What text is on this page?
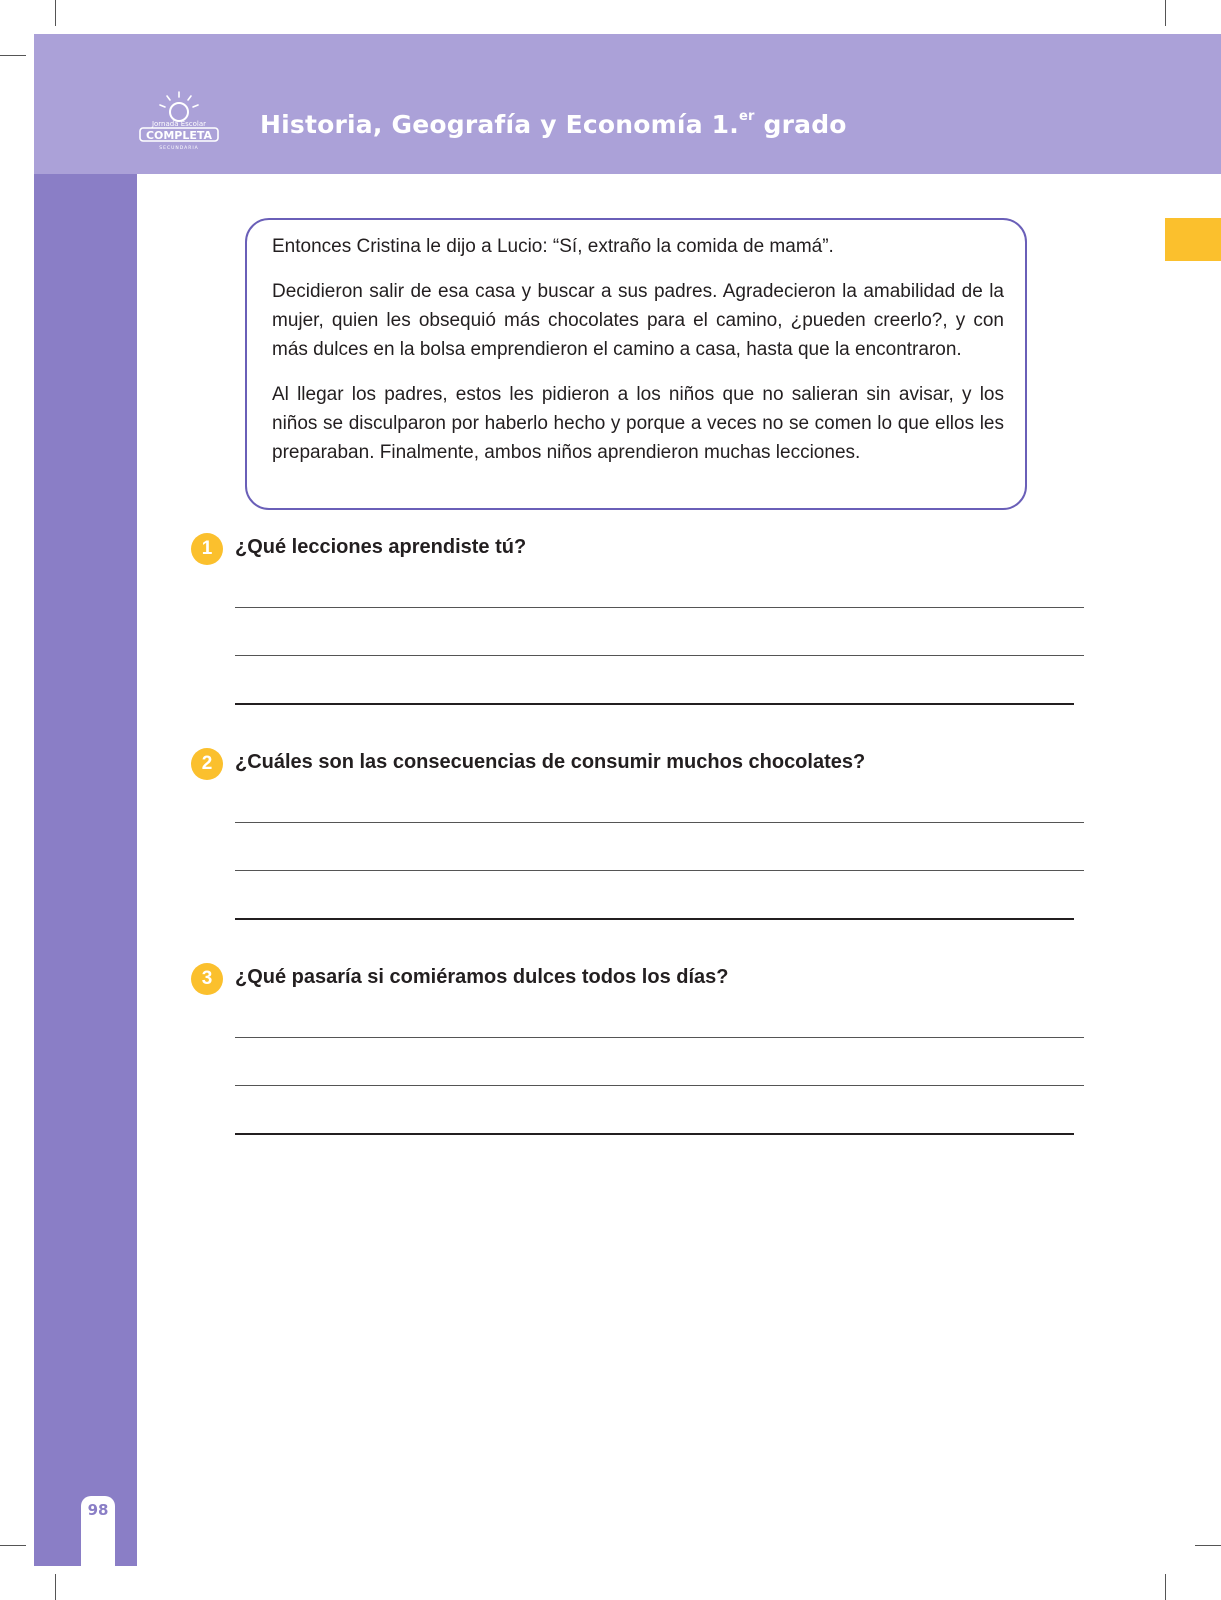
Jornada Escolar
COMPLETA
SECUNDARIA
Historia, Geografía y Economía 1.$^{er}$ grado
98

Entonces Cristina le dijo a Lucio: “Sí, extraño la comida de mamá”.

Decidieron salir de esa casa y buscar a sus padres. Agradecieron la amabilidad de la mujer, quien les obsequió más chocolates para el camino, ¿pueden creerlo?, y con más dulces en la bolsa emprendieron el camino a casa, hasta que la encontraron.

Al llegar los padres, estos les pidieron a los niños que no salieran sin avisar, y los niños se disculparon por haberlo hecho y porque a veces no se comen lo que ellos les preparaban. Finalmente, ambos niños aprendieron muchas lecciones.

1	¿Qué lecciones aprendiste tú?
2	¿Cuáles son las consecuencias de consumir muchos chocolates?
3	¿Qué pasaría si comiéramos dulces todos los días?
